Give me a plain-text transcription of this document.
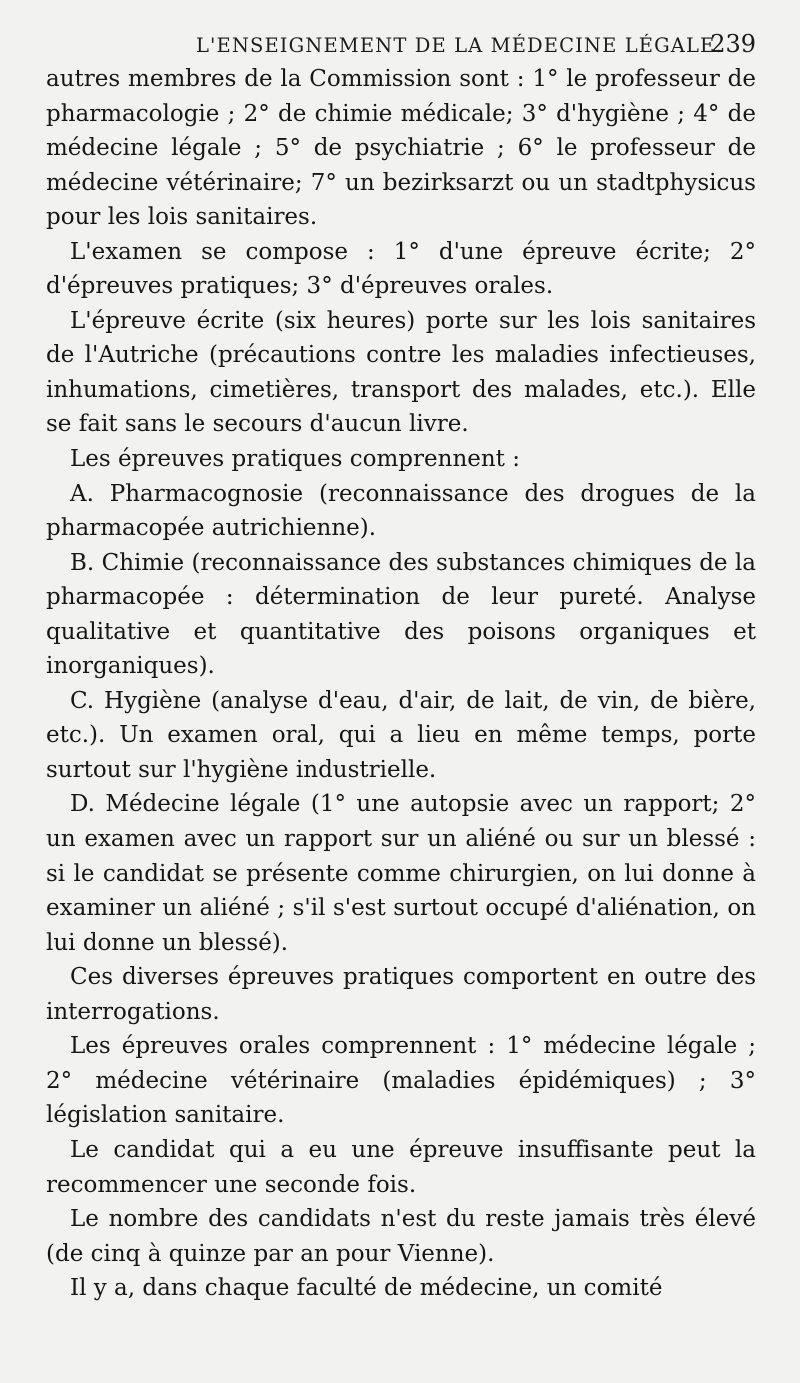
L'ENSEIGNEMENT DE LA MÉDECINE LÉGALE.
239

autres membres de la Commission sont : 1° le professeur de pharmacologie ; 2° de chimie médicale; 3° d'hygiène ; 4° de médecine légale ; 5° de psychiatrie ; 6° le professeur de médecine vétérinaire; 7° un bezirksarzt ou un stadtphysicus pour les lois sanitaires.

L'examen se compose : 1° d'une épreuve écrite; 2° d'épreuves pratiques; 3° d'épreuves orales.

L'épreuve écrite (six heures) porte sur les lois sanitaires de l'Autriche (précautions contre les maladies infectieuses, inhumations, cimetières, transport des malades, etc.). Elle se fait sans le secours d'aucun livre.

Les épreuves pratiques comprennent :

A. Pharmacognosie (reconnaissance des drogues de la pharmacopée autrichienne).

B. Chimie (reconnaissance des substances chimiques de la pharmacopée : détermination de leur pureté. Analyse qualitative et quantitative des poisons organiques et inorganiques).

C. Hygiène (analyse d'eau, d'air, de lait, de vin, de bière, etc.). Un examen oral, qui a lieu en même temps, porte surtout sur l'hygiène industrielle.

D. Médecine légale (1° une autopsie avec un rapport; 2° un examen avec un rapport sur un aliéné ou sur un blessé : si le candidat se présente comme chirurgien, on lui donne à examiner un aliéné ; s'il s'est surtout occupé d'aliénation, on lui donne un blessé).

Ces diverses épreuves pratiques comportent en outre des interrogations.

Les épreuves orales comprennent : 1° médecine légale ; 2° médecine vétérinaire (maladies épidémiques) ; 3° législation sanitaire.

Le candidat qui a eu une épreuve insuffisante peut la recommencer une seconde fois.

Le nombre des candidats n'est du reste jamais très élevé (de cinq à quinze par an pour Vienne).

Il y a, dans chaque faculté de médecine, un comité
